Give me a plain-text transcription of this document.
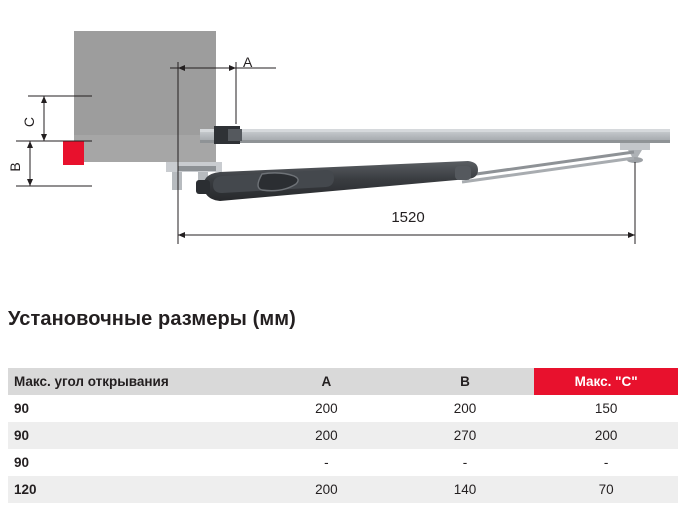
A
C
B
1520
Установочные размеры (мм)
Макс. угол открывания	A	B	Макс. "C"
90	200	200	150
90	200	270	200
90	-	-	-
120	200	140	70
